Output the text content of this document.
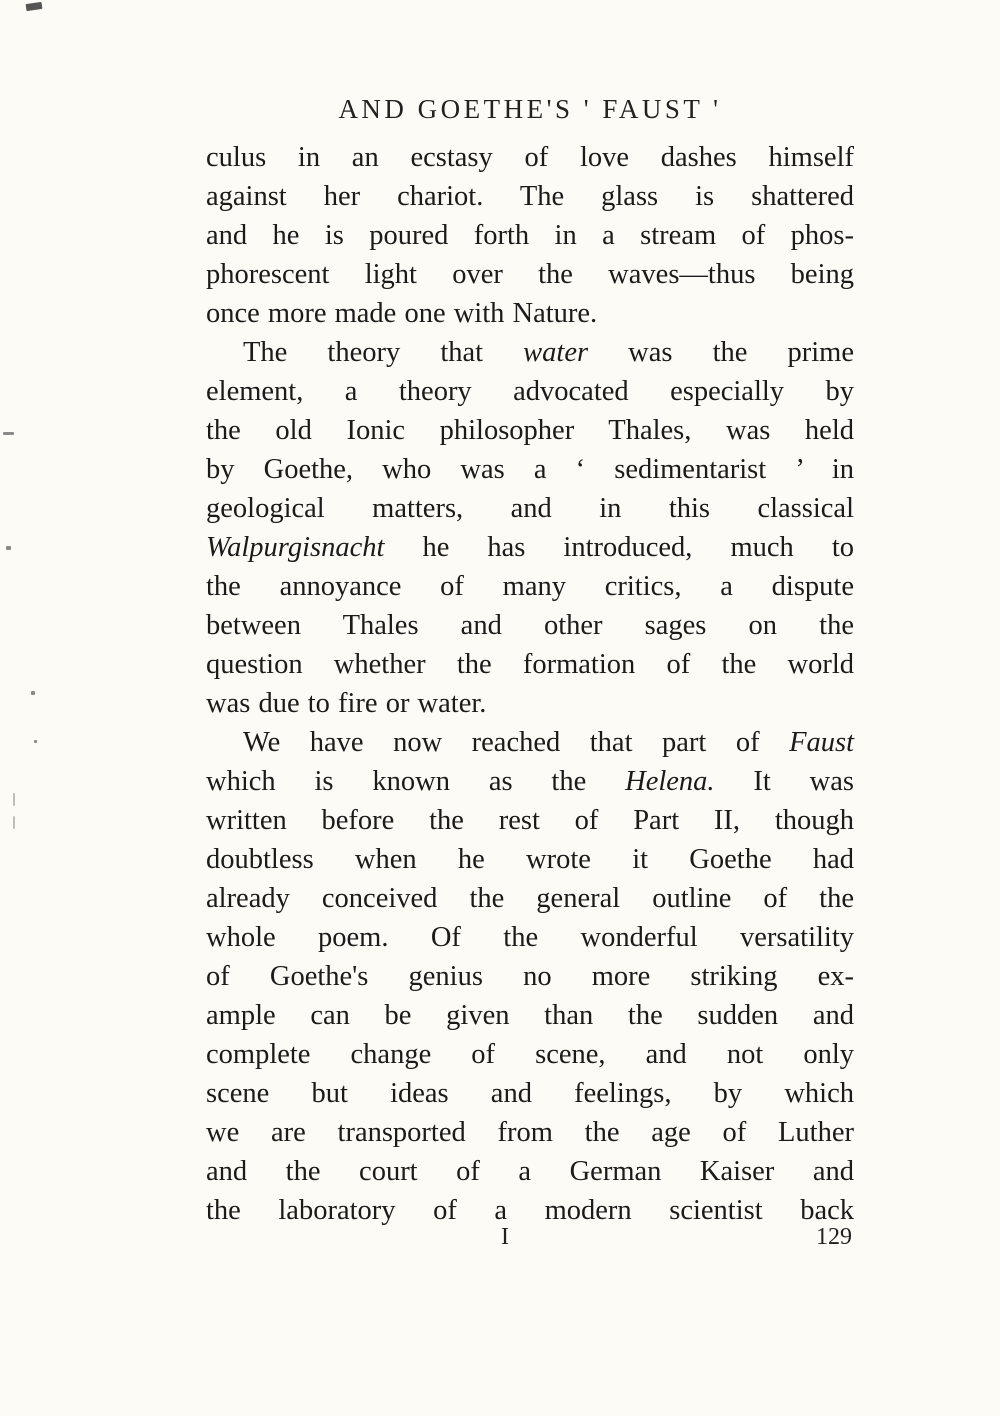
AND GOETHE'S ' FAUST '
culus in an ecstasy of love dashes himself
against her chariot. The glass is shattered
and he is poured forth in a stream of phos-
phorescent light over the waves—thus being
once more made one with Nature.
The theory that water was the prime
element, a theory advocated especially by
the old Ionic philosopher Thales, was held
by Goethe, who was a ‘ sedimentarist ’ in
geological matters, and in this classical
Walpurgisnacht he has introduced, much to
the annoyance of many critics, a dispute
between Thales and other sages on the
question whether the formation of the world
was due to fire or water.
We have now reached that part of Faust
which is known as the Helena. It was
written before the rest of Part II, though
doubtless when he wrote it Goethe had
already conceived the general outline of the
whole poem. Of the wonderful versatility
of Goethe's genius no more striking ex-
ample can be given than the sudden and
complete change of scene, and not only
scene but ideas and feelings, by which
we are transported from the age of Luther
and the court of a German Kaiser and
the laboratory of a modern scientist back
I	129
